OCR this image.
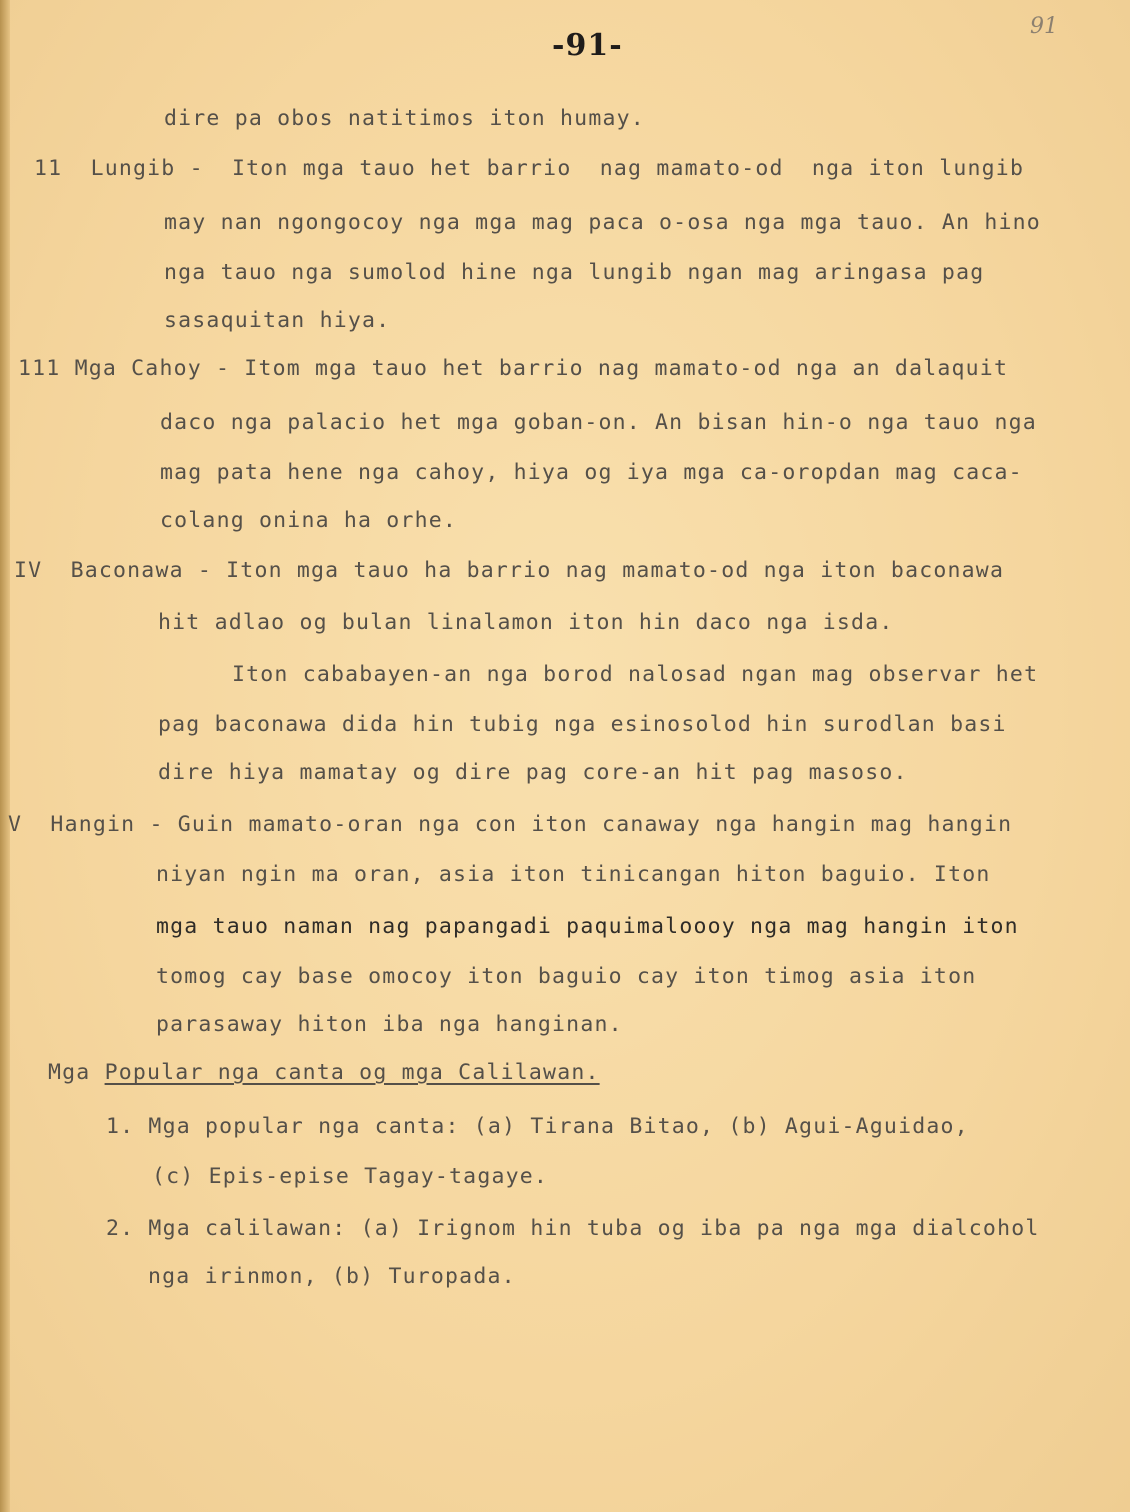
-91-
91
dire pa obos natitimos iton humay.
11  Lungib -  Iton mga tauo het barrio  nag mamato-od  nga iton lungib
may nan ngongocoy nga mga mag paca o-osa nga mga tauo. An hino
nga tauo nga sumolod hine nga lungib ngan mag aringasa pag
sasaquitan hiya.
111 Mga Cahoy - Itom mga tauo het barrio nag mamato-od nga an dalaquit
daco nga palacio het mga goban-on. An bisan hin-o nga tauo nga
mag pata hene nga cahoy, hiya og iya mga ca-oropdan mag caca-
colang onina ha orhe.
IV  Baconawa - Iton mga tauo ha barrio nag mamato-od nga iton baconawa
hit adlao og bulan linalamon iton hin daco nga isda.
Iton cababayen-an nga borod nalosad ngan mag observar het
pag baconawa dida hin tubig nga esinosolod hin surodlan basi
dire hiya mamatay og dire pag core-an hit pag masoso.
V  Hangin - Guin mamato-oran nga con iton canaway nga hangin mag hangin
niyan ngin ma oran, asia iton tinicangan hiton baguio. Iton
mga tauo naman nag papangadi paquimaloooy nga mag hangin iton
tomog cay base omocoy iton baguio cay iton timog asia iton
parasaway hiton iba nga hanginan.
Mga Popular nga canta og mga Calilawan.
1. Mga popular nga canta: (a) Tirana Bitao, (b) Agui-Aguidao,
(c) Epis-epise Tagay-tagaye.
2. Mga calilawan: (a) Irignom hin tuba og iba pa nga mga dialcohol
nga irinmon, (b) Turopada.
